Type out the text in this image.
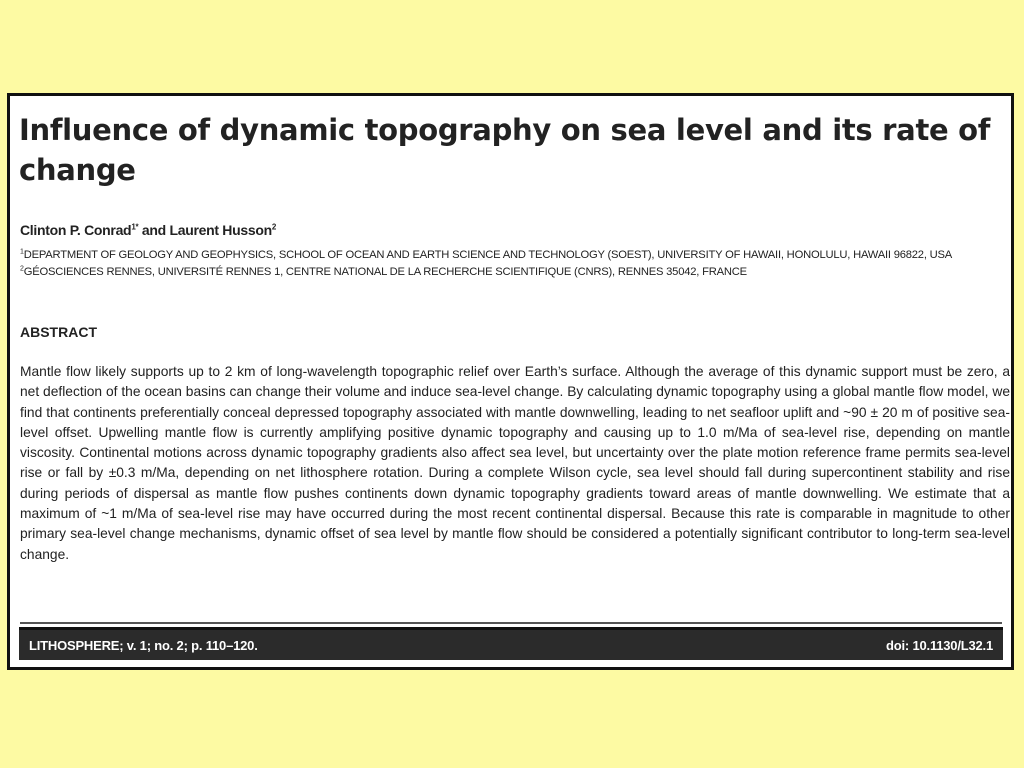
Influence of dynamic topography on sea level and its rate of change
Clinton P. Conrad$^{1*}$ and Laurent Husson$^2$
$^1$DEPARTMENT OF GEOLOGY AND GEOPHYSICS, SCHOOL OF OCEAN AND EARTH SCIENCE AND TECHNOLOGY (SOEST), UNIVERSITY OF HAWAII, HONOLULU, HAWAII 96822, USA
$^2$GÉOSCIENCES RENNES, UNIVERSITÉ RENNES 1, CENTRE NATIONAL DE LA RECHERCHE SCIENTIFIQUE (CNRS), RENNES 35042, FRANCE
ABSTRACT

Mantle flow likely supports up to 2 km of long-wavelength topographic relief over Earth’s surface. Although the average of this dynamic support must be zero, a net deflection of the ocean basins can change their volume and induce sea-level change. By calculating dynamic topography using a global mantle flow model, we find that continents preferentially conceal depressed topography associated with mantle downwelling, leading to net seafloor uplift and ~90 ± 20 m of positive sea-level offset. Upwelling mantle flow is currently amplifying positive dynamic topography and causing up to 1.0 m/Ma of sea-level rise, depending on mantle viscosity. Continental motions across dynamic topography gradients also affect sea level, but uncertainty over the plate motion reference frame permits sea-level rise or fall by ±0.3 m/Ma, depending on net lithosphere rotation. During a complete Wilson cycle, sea level should fall during supercontinent stability and rise during periods of dispersal as mantle flow pushes continents down dynamic topography gradients toward areas of mantle downwelling. We estimate that a maximum of ~1 m/Ma of sea-level rise may have occurred during the most recent continental dispersal. Because this rate is comparable in magnitude to other primary sea-level change mechanisms, dynamic offset of sea level by mantle flow should be considered a potentially significant contributor to long-term sea-level change.

LITHOSPHERE; v. 1; no. 2; p. 110–120.	doi: 10.1130/L32.1
